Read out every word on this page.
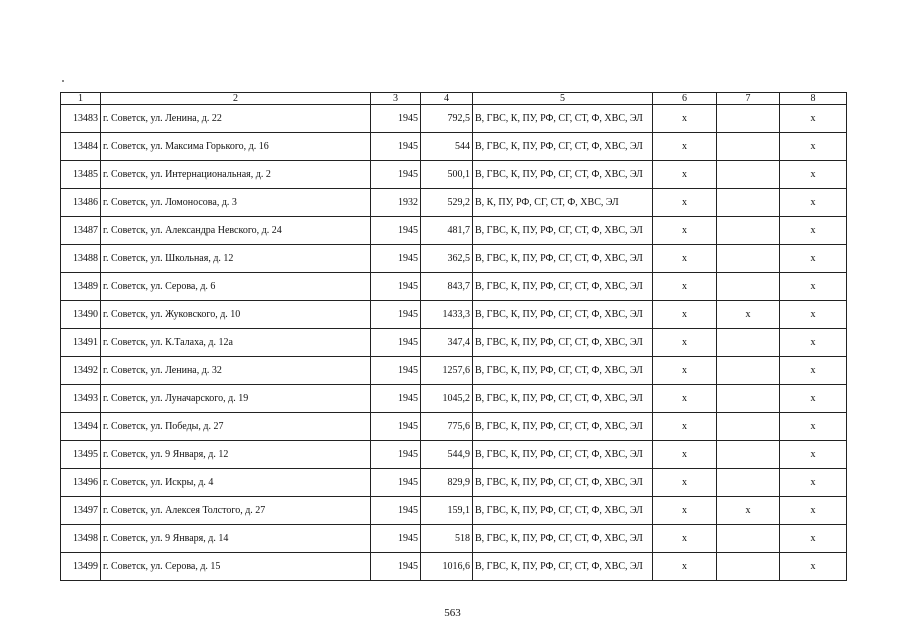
1	2	3	4	5	6	7	8
13483	г. Советск, ул. Ленина, д. 22	1945	792,5	В, ГВС, К, ПУ, РФ, СГ, СТ, Ф, ХВС, ЭЛ	х		х
13484	г. Советск, ул. Максима Горького, д. 16	1945	544	В, ГВС, К, ПУ, РФ, СГ, СТ, Ф, ХВС, ЭЛ	х		х
13485	г. Советск, ул. Интернациональная, д. 2	1945	500,1	В, ГВС, К, ПУ, РФ, СГ, СТ, Ф, ХВС, ЭЛ	х		х
13486	г. Советск, ул. Ломоносова, д. 3	1932	529,2	В, К, ПУ, РФ, СГ, СТ, Ф, ХВС, ЭЛ	х		х
13487	г. Советск, ул. Александра Невского, д. 24	1945	481,7	В, ГВС, К, ПУ, РФ, СГ, СТ, Ф, ХВС, ЭЛ	х		х
13488	г. Советск, ул. Школьная, д. 12	1945	362,5	В, ГВС, К, ПУ, РФ, СГ, СТ, Ф, ХВС, ЭЛ	х		х
13489	г. Советск, ул. Серова, д. 6	1945	843,7	В, ГВС, К, ПУ, РФ, СГ, СТ, Ф, ХВС, ЭЛ	х		х
13490	г. Советск, ул. Жуковского, д. 10	1945	1433,3	В, ГВС, К, ПУ, РФ, СГ, СТ, Ф, ХВС, ЭЛ	х	х	х
13491	г. Советск, ул. К.Талаха, д. 12а	1945	347,4	В, ГВС, К, ПУ, РФ, СГ, СТ, Ф, ХВС, ЭЛ	х		х
13492	г. Советск, ул. Ленина, д. 32	1945	1257,6	В, ГВС, К, ПУ, РФ, СГ, СТ, Ф, ХВС, ЭЛ	х		х
13493	г. Советск, ул. Луначарского, д. 19	1945	1045,2	В, ГВС, К, ПУ, РФ, СГ, СТ, Ф, ХВС, ЭЛ	х		х
13494	г. Советск, ул. Победы, д. 27	1945	775,6	В, ГВС, К, ПУ, РФ, СГ, СТ, Ф, ХВС, ЭЛ	х		х
13495	г. Советск, ул. 9 Января, д. 12	1945	544,9	В, ГВС, К, ПУ, РФ, СГ, СТ, Ф, ХВС, ЭЛ	х		х
13496	г. Советск, ул. Искры, д. 4	1945	829,9	В, ГВС, К, ПУ, РФ, СГ, СТ, Ф, ХВС, ЭЛ	х		х
13497	г. Советск, ул. Алексея Толстого, д. 27	1945	159,1	В, ГВС, К, ПУ, РФ, СГ, СТ, Ф, ХВС, ЭЛ	х	х	х
13498	г. Советск, ул. 9 Января, д. 14	1945	518	В, ГВС, К, ПУ, РФ, СГ, СТ, Ф, ХВС, ЭЛ	х		х
13499	г. Советск, ул. Серова, д. 15	1945	1016,6	В, ГВС, К, ПУ, РФ, СГ, СТ, Ф, ХВС, ЭЛ	х		х
563
